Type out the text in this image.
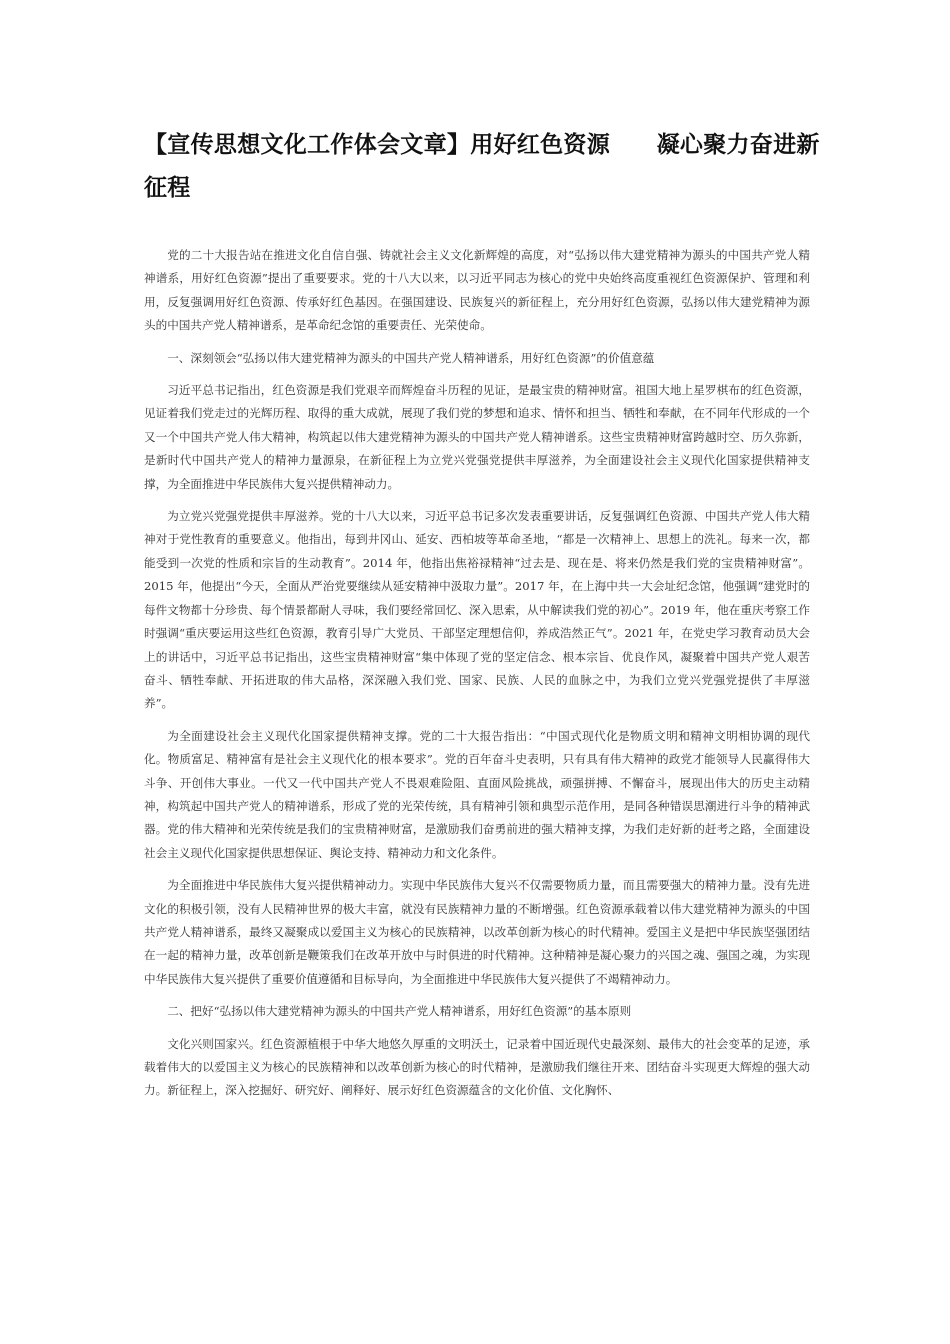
【宣传思想文化工作体会文章】用好红色资源　　凝心聚力奋进新征程

党的二十大报告站在推进文化自信自强、铸就社会主义文化新辉煌的高度，对“弘扬以伟大建党精神为源头的中国共产党人精神谱系，用好红色资源”提出了重要要求。党的十八大以来，以习近平同志为核心的党中央始终高度重视红色资源保护、管理和利用，反复强调用好红色资源、传承好红色基因。在强国建设、民族复兴的新征程上，充分用好红色资源，弘扬以伟大建党精神为源头的中国共产党人精神谱系，是革命纪念馆的重要责任、光荣使命。

一、深刻领会“弘扬以伟大建党精神为源头的中国共产党人精神谱系，用好红色资源”的价值意蕴

习近平总书记指出，红色资源是我们党艰辛而辉煌奋斗历程的见证，是最宝贵的精神财富。祖国大地上星罗棋布的红色资源，见证着我们党走过的光辉历程、取得的重大成就，展现了我们党的梦想和追求、情怀和担当、牺牲和奉献，在不同年代形成的一个又一个中国共产党人伟大精神，构筑起以伟大建党精神为源头的中国共产党人精神谱系。这些宝贵精神财富跨越时空、历久弥新，是新时代中国共产党人的精神力量源泉，在新征程上为立党兴党强党提供丰厚滋养，为全面建设社会主义现代化国家提供精神支撑，为全面推进中华民族伟大复兴提供精神动力。

为立党兴党强党提供丰厚滋养。党的十八大以来，习近平总书记多次发表重要讲话，反复强调红色资源、中国共产党人伟大精神对于党性教育的重要意义。他指出，每到井冈山、延安、西柏坡等革命圣地，“都是一次精神上、思想上的洗礼。每来一次，都能受到一次党的性质和宗旨的生动教育”。2014 年，他指出焦裕禄精神“过去是、现在是、将来仍然是我们党的宝贵精神财富”。2015 年，他提出“今天，全面从严治党要继续从延安精神中汲取力量”。2017 年，在上海中共一大会址纪念馆，他强调“建党时的每件文物都十分珍贵、每个情景都耐人寻味，我们要经常回忆、深入思索，从中解读我们党的初心”。2019 年，他在重庆考察工作时强调“重庆要运用这些红色资源，教育引导广大党员、干部坚定理想信仰，养成浩然正气”。2021 年，在党史学习教育动员大会上的讲话中，习近平总书记指出，这些宝贵精神财富“集中体现了党的坚定信念、根本宗旨、优良作风，凝聚着中国共产党人艰苦奋斗、牺牲奉献、开拓进取的伟大品格，深深融入我们党、国家、民族、人民的血脉之中，为我们立党兴党强党提供了丰厚滋养”。

为全面建设社会主义现代化国家提供精神支撑。党的二十大报告指出：“中国式现代化是物质文明和精神文明相协调的现代化。物质富足、精神富有是社会主义现代化的根本要求”。党的百年奋斗史表明，只有具有伟大精神的政党才能领导人民赢得伟大斗争、开创伟大事业。一代又一代中国共产党人不畏艰难险阻、直面风险挑战，顽强拼搏、不懈奋斗，展现出伟大的历史主动精神，构筑起中国共产党人的精神谱系，形成了党的光荣传统，具有精神引领和典型示范作用，是同各种错误思潮进行斗争的精神武器。党的伟大精神和光荣传统是我们的宝贵精神财富，是激励我们奋勇前进的强大精神支撑，为我们走好新的赶考之路，全面建设社会主义现代化国家提供思想保证、舆论支持、精神动力和文化条件。

为全面推进中华民族伟大复兴提供精神动力。实现中华民族伟大复兴不仅需要物质力量，而且需要强大的精神力量。没有先进文化的积极引领，没有人民精神世界的极大丰富，就没有民族精神力量的不断增强。红色资源承载着以伟大建党精神为源头的中国共产党人精神谱系，最终又凝聚成以爱国主义为核心的民族精神，以改革创新为核心的时代精神。爱国主义是把中华民族坚强团结在一起的精神力量，改革创新是鞭策我们在改革开放中与时俱进的时代精神。这种精神是凝心聚力的兴国之魂、强国之魂，为实现中华民族伟大复兴提供了重要价值遵循和目标导向，为全面推进中华民族伟大复兴提供了不竭精神动力。

二、把好“弘扬以伟大建党精神为源头的中国共产党人精神谱系，用好红色资源”的基本原则

文化兴则国家兴。红色资源植根于中华大地悠久厚重的文明沃土，记录着中国近现代史最深刻、最伟大的社会变革的足迹，承载着伟大的以爱国主义为核心的民族精神和以改革创新为核心的时代精神，是激励我们继往开来、团结奋斗实现更大辉煌的强大动力。新征程上，深入挖掘好、研究好、阐释好、展示好红色资源蕴含的文化价值、文化胸怀、
